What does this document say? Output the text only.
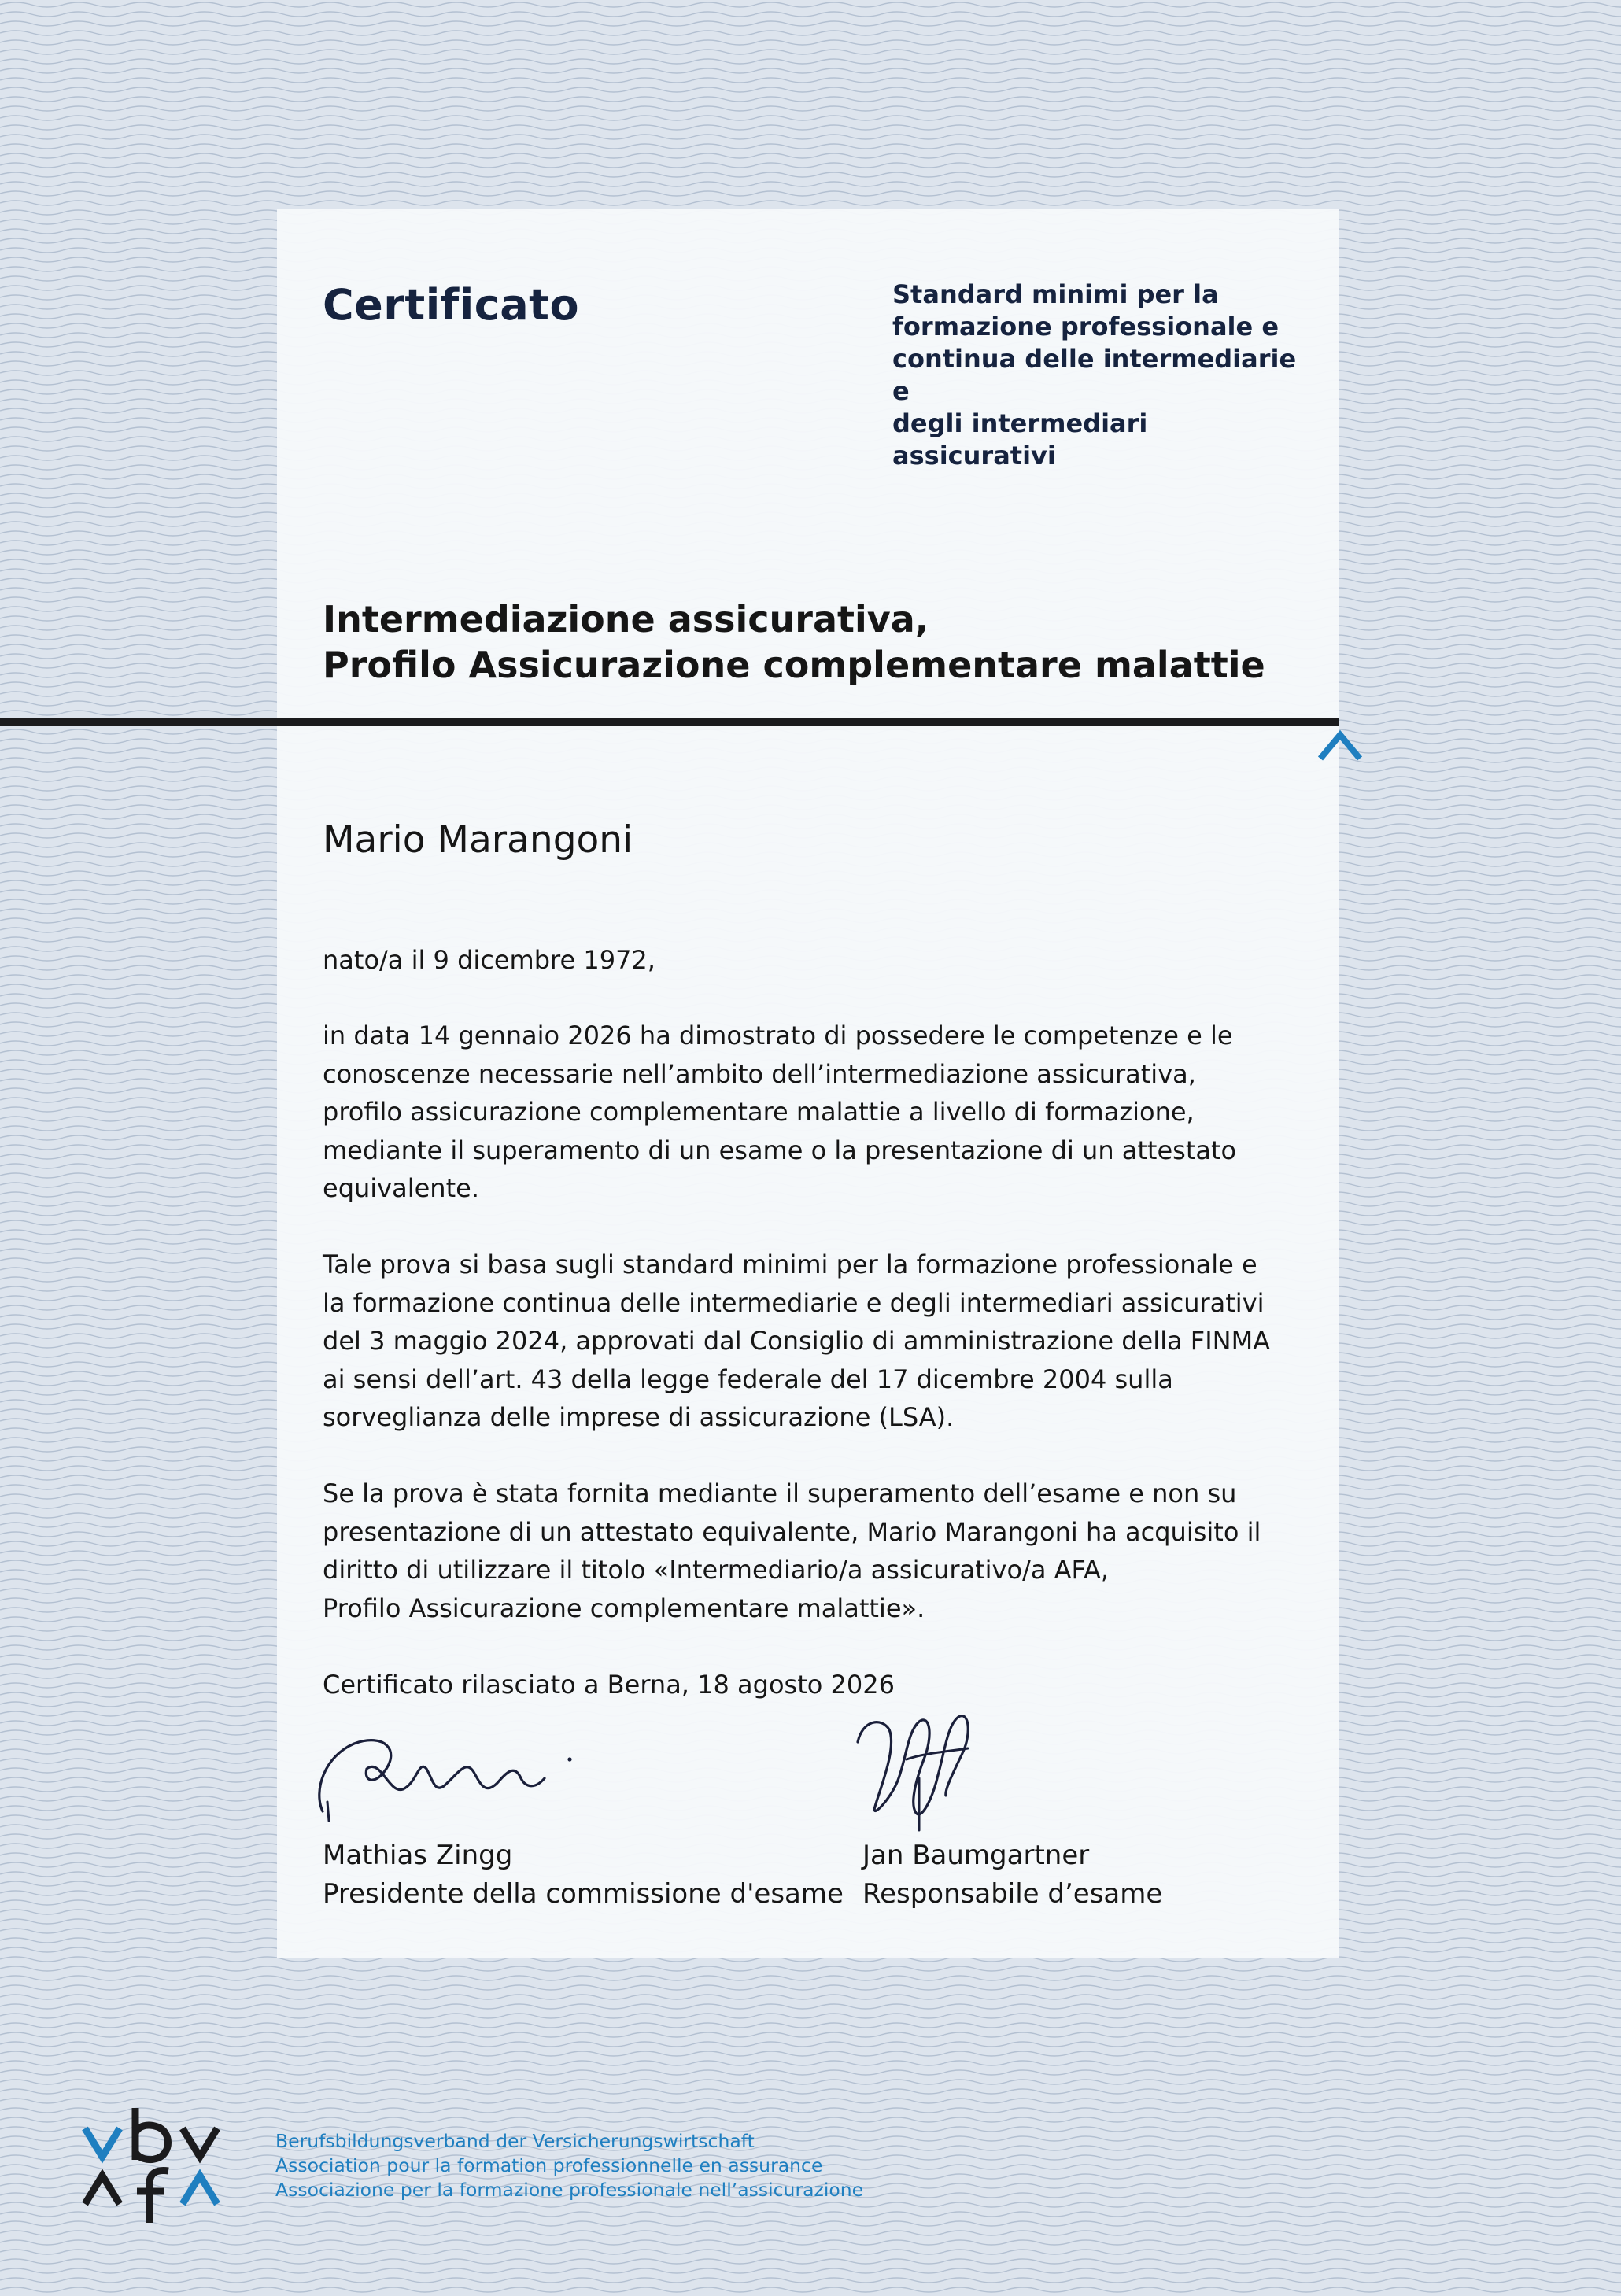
Certificato	Standard minimi per la
formazione professionale e
continua delle intermediarie e
degli intermediari assicurativi
Intermediazione assicurativa,
Profilo Assicurazione complementare malattie
Mario Marangoni
nato/a il 9 dicembre 1972,
in data 14 gennaio 2026 ha dimostrato di possedere le competenze e le
conoscenze necessarie nell’ambito dell’intermediazione assicurativa,
profilo assicurazione complementare malattie a livello di formazione,
mediante il superamento di un esame o la presentazione di un attestato
equivalente.
Tale prova si basa sugli standard minimi per la formazione professionale e
la formazione continua delle intermediarie e degli intermediari assicurativi
del 3 maggio 2024, approvati dal Consiglio di amministrazione della FINMA
ai sensi dell’art. 43 della legge federale del 17 dicembre 2004 sulla
sorveglianza delle imprese di assicurazione (LSA).
Se la prova è stata fornita mediante il superamento dell’esame e non su
presentazione di un attestato equivalente, Mario Marangoni ha acquisito il
diritto di utilizzare il titolo «Intermediario/a assicurativo/a AFA,
Profilo Assicurazione complementare malattie».
Certificato rilasciato a Berna, 18 agosto 2026
Mathias Zingg
Presidente della commissione d'esame
Jan Baumgartner
Responsabile d’esame
Berufsbildungsverband der Versicherungswirtschaft
Association pour la formation professionnelle en assurance
Associazione per la formazione professionale nell’assicurazione
